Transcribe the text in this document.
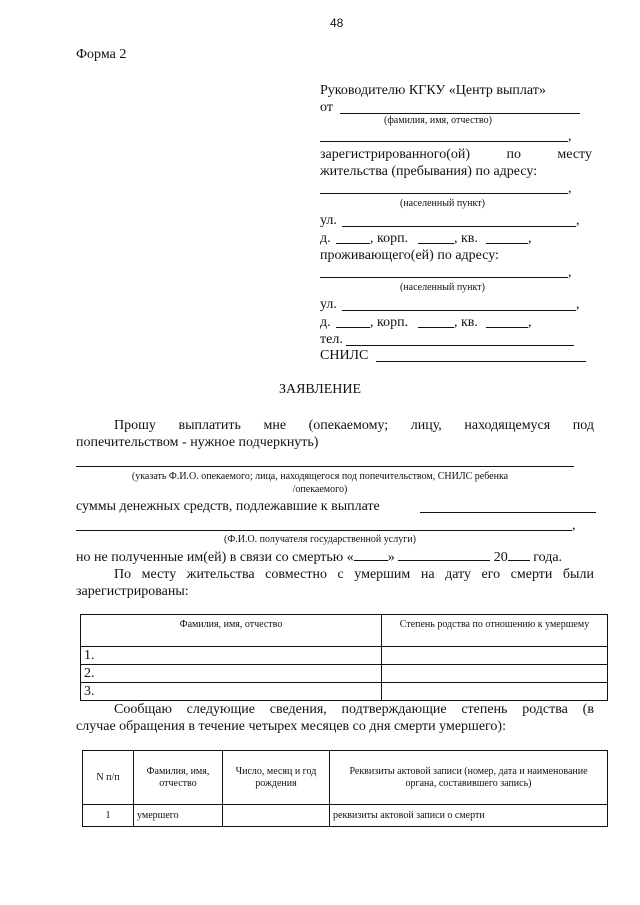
48
Форма 2
Руководителю КГКУ «Центр выплат»
от
(фамилия, имя, отчество)
,
зарегистрированного(ой)	по	месту
жительства (пребывания) по адресу:
,
(населенный пункт)
ул.	,
д.	, корп.	, кв.	,
проживающего(ей) по адресу:
,
(населенный пункт)
ул.	,
д.	, корп.	, кв.	,
тел.
СНИЛС
ЗАЯВЛЕНИЕ
Прошу выплатить мне (опекаемому; лицу, находящемуся под
попечительством - нужное подчеркнуть)
(указать Ф.И.О. опекаемого; лица, находящегося под попечительством, СНИЛС ребенка
/опекаемого)
суммы денежных средств, подлежавшие к выплате
,
(Ф.И.О. получателя государственной услуги)
но не полученные им(ей) в связи со смертью « »	20 года.
По месту жительства совместно с умершим на дату его смерти были
зарегистрированы:
Фамилия, имя, отчество	Степень родства по отношению к умершему
1.	
2.	
3.	
Сообщаю следующие сведения, подтверждающие степень родства (в
случае обращения в течение четырех месяцев со дня смерти умершего):
N п/п	Фамилия, имя, отчество	Число, месяц и год рождения	Реквизиты актовой записи (номер, дата и наименование органа, составившего запись)
1	умершего		реквизиты актовой записи о смерти
